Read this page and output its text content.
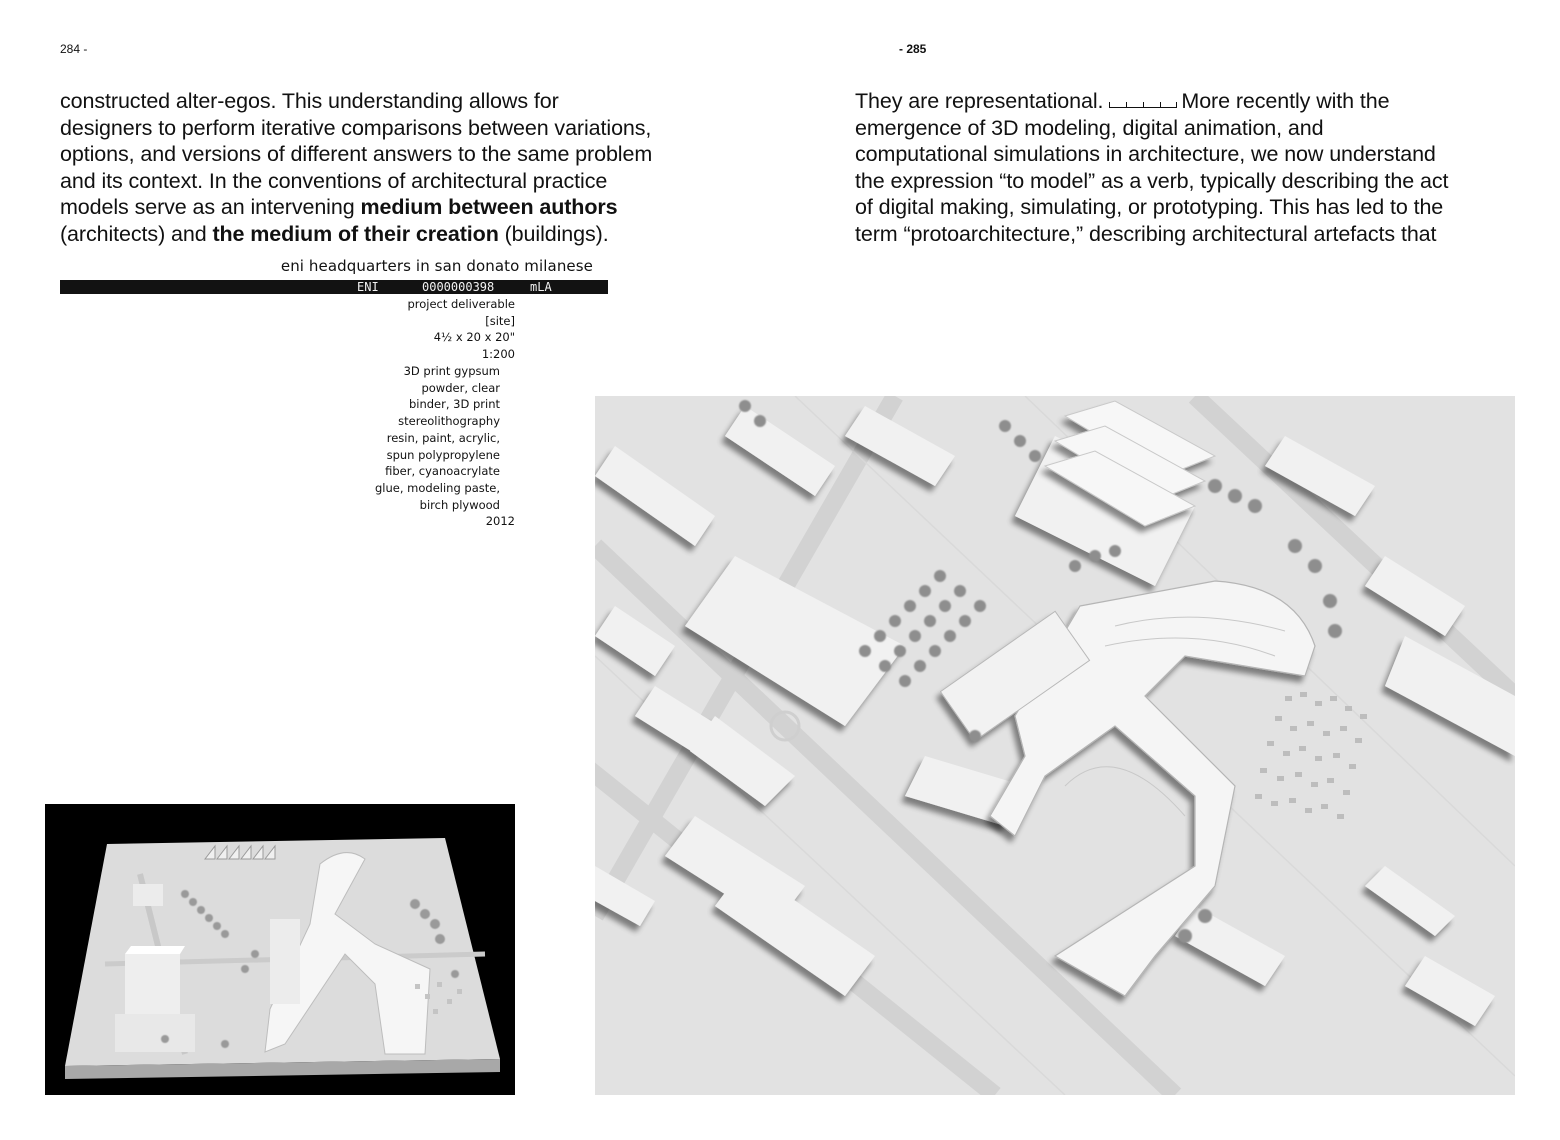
284 -	- 285

constructed alter-egos. This understanding allows for
designers to perform iterative comparisons between variations,
options, and versions of different answers to the same problem
and its context. In the conventions of architectural practice
models serve as an intervening medium between authors
(architects) and the medium of their creation (buildings).

They are representational.	More recently with the
emergence of 3D modeling, digital animation, and
computational simulations in architecture, we now understand
the expression “to model” as a verb, typically describing the act
of digital making, simulating, or prototyping. This has led to the
term “protoarchitecture,” describing architectural artefacts that

eni headquarters in san donato milanese
ENI	0000000398	mLA
project deliverable
[site]
4½ x 20 x 20"
1:200
3D print gypsum
powder, clear
binder, 3D print
stereolithography
resin, paint, acrylic,
spun polypropylene
fiber, cyanoacrylate
glue, modeling paste,
birch plywood
2012
